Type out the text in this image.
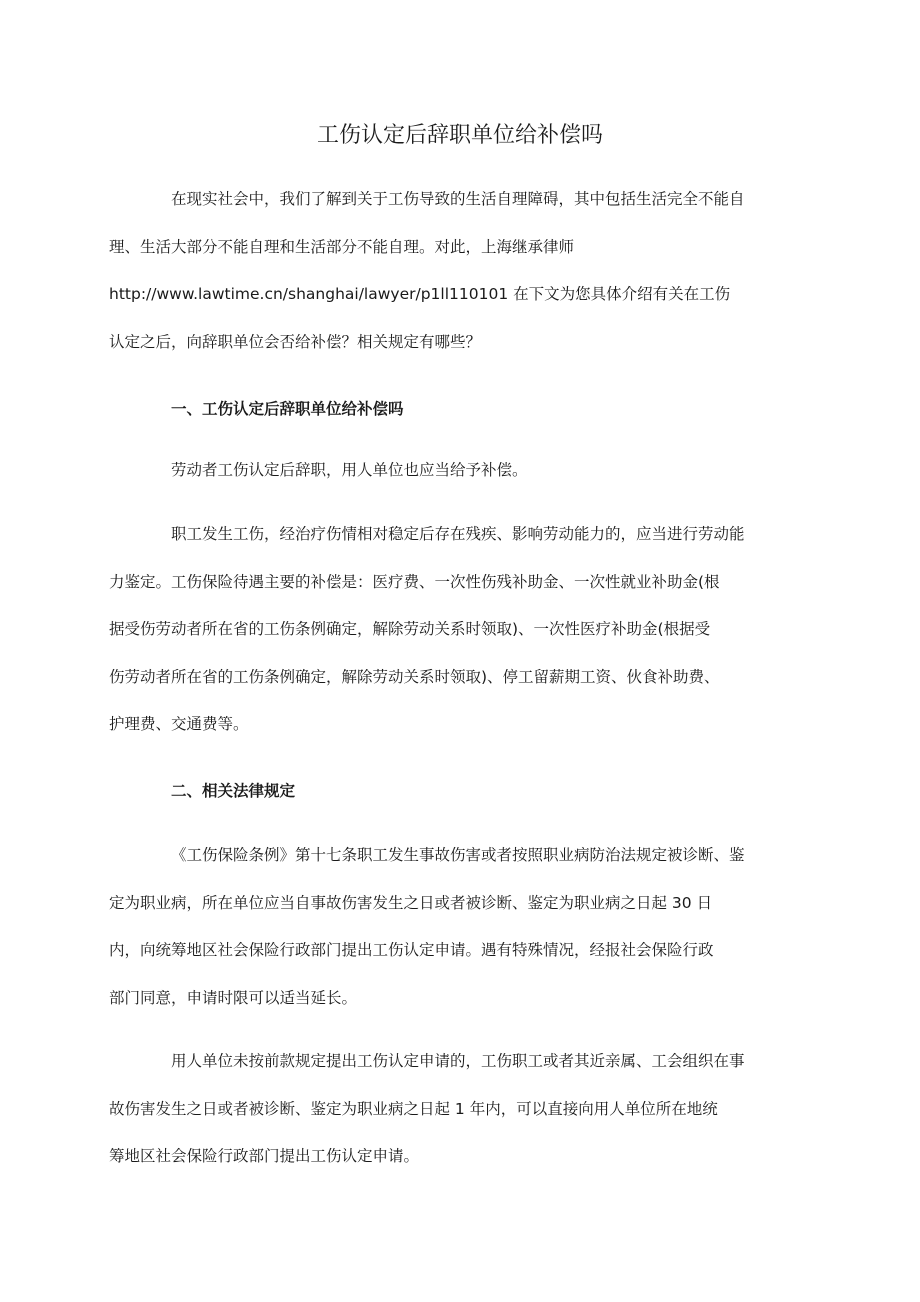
工伤认定后辞职单位给补偿吗

在现实社会中，我们了解到关于工伤导致的生活自理障碍，其中包括生活完全不能自
理、生活大部分不能自理和生活部分不能自理。对此，上海继承律师
http://www.lawtime.cn/shanghai/lawyer/p1ll110101 在下文为您具体介绍有关在工伤
认定之后，向辞职单位会否给补偿？相关规定有哪些？

一、工伤认定后辞职单位给补偿吗

劳动者工伤认定后辞职，用人单位也应当给予补偿。

职工发生工伤，经治疗伤情相对稳定后存在残疾、影响劳动能力的，应当进行劳动能
力鉴定。工伤保险待遇主要的补偿是：医疗费、一次性伤残补助金、一次性就业补助金(根
据受伤劳动者所在省的工伤条例确定，解除劳动关系时领取)、一次性医疗补助金(根据受
伤劳动者所在省的工伤条例确定，解除劳动关系时领取)、停工留薪期工资、伙食补助费、
护理费、交通费等。

二、相关法律规定

《工伤保险条例》第十七条职工发生事故伤害或者按照职业病防治法规定被诊断、鉴
定为职业病，所在单位应当自事故伤害发生之日或者被诊断、鉴定为职业病之日起 30 日
内，向统筹地区社会保险行政部门提出工伤认定申请。遇有特殊情况，经报社会保险行政
部门同意，申请时限可以适当延长。

用人单位未按前款规定提出工伤认定申请的，工伤职工或者其近亲属、工会组织在事
故伤害发生之日或者被诊断、鉴定为职业病之日起 1 年内，可以直接向用人单位所在地统
筹地区社会保险行政部门提出工伤认定申请。
